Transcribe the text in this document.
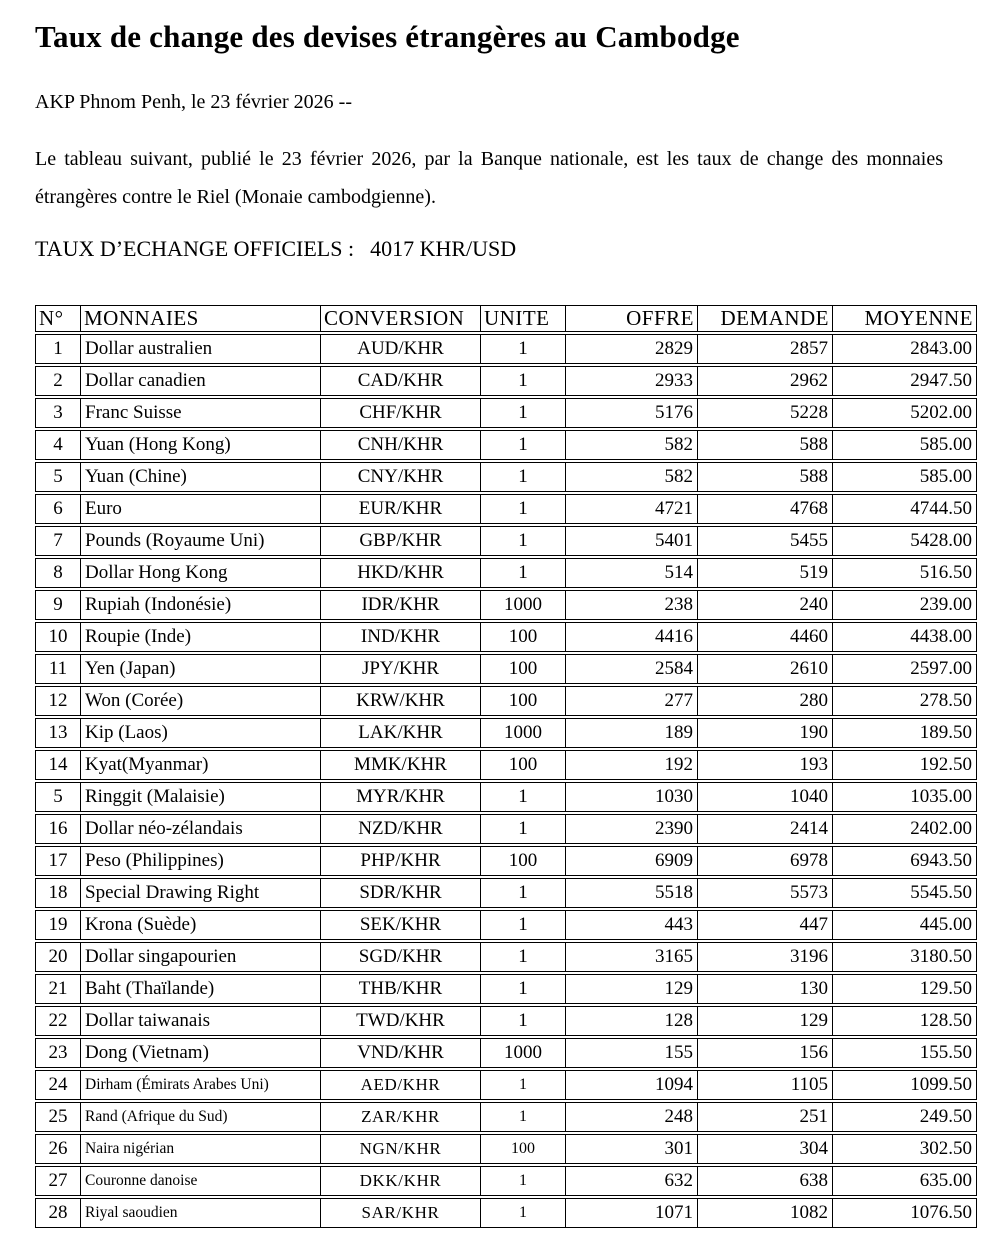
Taux de change des devises étrangères au Cambodge

AKP Phnom Penh, le 23 février 2026 --

Le tableau suivant, publié le 23 février 2026, par la Banque nationale, est les taux de change des monnaies étrangères contre le Riel (Monaie cambodgienne).

TAUX D’ECHANGE OFFICIELS : 4017 KHR/USD

N°	MONNAIES	CONVERSION	UNITE	OFFRE	DEMANDE	MOYENNE
1	Dollar australien	AUD/KHR	1	2829	2857	2843.00
2	Dollar canadien	CAD/KHR	1	2933	2962	2947.50
3	Franc Suisse	CHF/KHR	1	5176	5228	5202.00
4	Yuan (Hong Kong)	CNH/KHR	1	582	588	585.00
5	Yuan (Chine)	CNY/KHR	1	582	588	585.00
6	Euro	EUR/KHR	1	4721	4768	4744.50
7	Pounds (Royaume Uni)	GBP/KHR	1	5401	5455	5428.00
8	Dollar Hong Kong	HKD/KHR	1	514	519	516.50
9	Rupiah (Indonésie)	IDR/KHR	1000	238	240	239.00
10	Roupie (Inde)	IND/KHR	100	4416	4460	4438.00
11	Yen (Japan)	JPY/KHR	100	2584	2610	2597.00
12	Won (Corée)	KRW/KHR	100	277	280	278.50
13	Kip (Laos)	LAK/KHR	1000	189	190	189.50
14	Kyat(Myanmar)	MMK/KHR	100	192	193	192.50
5	Ringgit (Malaisie)	MYR/KHR	1	1030	1040	1035.00
16	Dollar néo-zélandais	NZD/KHR	1	2390	2414	2402.00
17	Peso (Philippines)	PHP/KHR	100	6909	6978	6943.50
18	Special Drawing Right	SDR/KHR	1	5518	5573	5545.50
19	Krona (Suède)	SEK/KHR	1	443	447	445.00
20	Dollar singapourien	SGD/KHR	1	3165	3196	3180.50
21	Baht (Thaïlande)	THB/KHR	1	129	130	129.50
22	Dollar taiwanais	TWD/KHR	1	128	129	128.50
23	Dong (Vietnam)	VND/KHR	1000	155	156	155.50
24	Dirham (Émirats Arabes Uni)	AED/KHR	1	1094	1105	1099.50
25	Rand (Afrique du Sud)	ZAR/KHR	1	248	251	249.50
26	Naira nigérian	NGN/KHR	100	301	304	302.50
27	Couronne danoise	DKK/KHR	1	632	638	635.00
28	Riyal saoudien	SAR/KHR	1	1071	1082	1076.50
